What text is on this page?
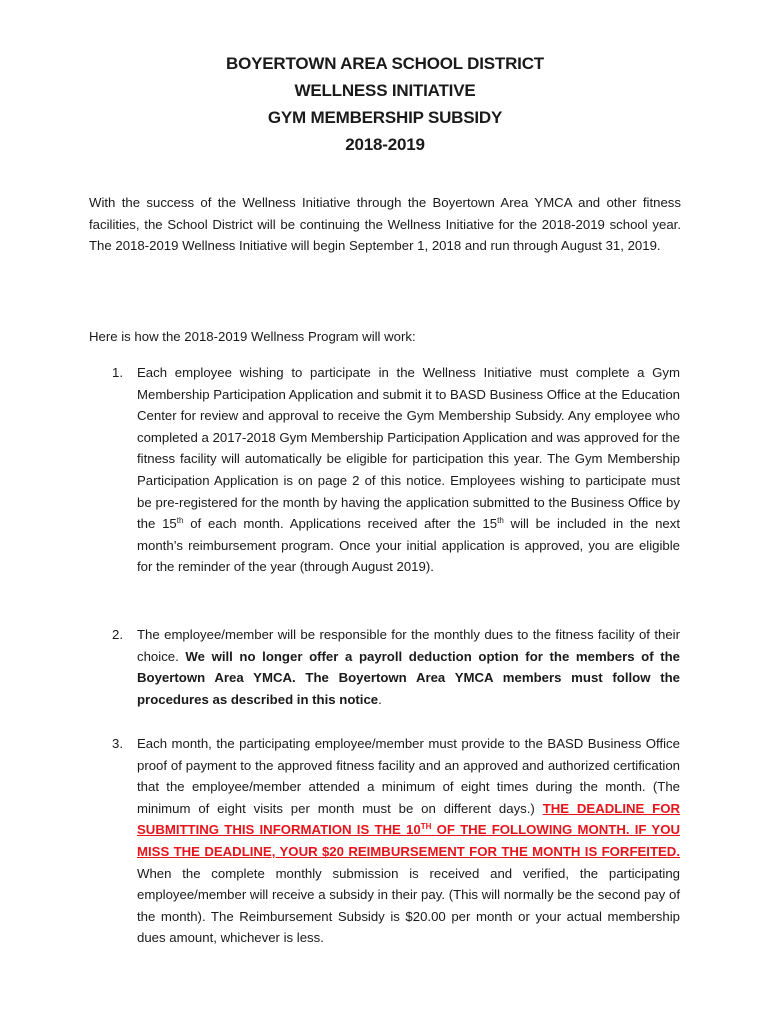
BOYERTOWN AREA SCHOOL DISTRICT
WELLNESS INITIATIVE
GYM MEMBERSHIP SUBSIDY
2018-2019

With the success of the Wellness Initiative through the Boyertown Area YMCA and other fitness facilities, the School District will be continuing the Wellness Initiative for the 2018-2019 school year. The 2018-2019 Wellness Initiative will begin September 1, 2018 and run through August 31, 2019.

Here is how the 2018-2019 Wellness Program will work:

1.	Each employee wishing to participate in the Wellness Initiative must complete a Gym Membership Participation Application and submit it to BASD Business Office at the Education Center for review and approval to receive the Gym Membership Subsidy. Any employee who completed a 2017-2018 Gym Membership Participation Application and was approved for the fitness facility will automatically be eligible for participation this year. The Gym Membership Participation Application is on page 2 of this notice. Employees wishing to participate must be pre-registered for the month by having the application submitted to the Business Office by the 15th of each month. Applications received after the 15th will be included in the next month’s reimbursement program. Once your initial application is approved, you are eligible for the reminder of the year (through August 2019).
2.	The employee/member will be responsible for the monthly dues to the fitness facility of their choice. We will no longer offer a payroll deduction option for the members of the Boyertown Area YMCA. The Boyertown Area YMCA members must follow the procedures as described in this notice.
3.	Each month, the participating employee/member must provide to the BASD Business Office proof of payment to the approved fitness facility and an approved and authorized certification that the employee/member attended a minimum of eight times during the month. (The minimum of eight visits per month must be on different days.) THE DEADLINE FOR SUBMITTING THIS INFORMATION IS THE 10TH OF THE FOLLOWING MONTH. IF YOU MISS THE DEADLINE, YOUR $20 REIMBURSEMENT FOR THE MONTH IS FORFEITED. When the complete monthly submission is received and verified, the participating employee/member will receive a subsidy in their pay. (This will normally be the second pay of the month). The Reimbursement Subsidy is $20.00 per month or your actual membership dues amount, whichever is less.
